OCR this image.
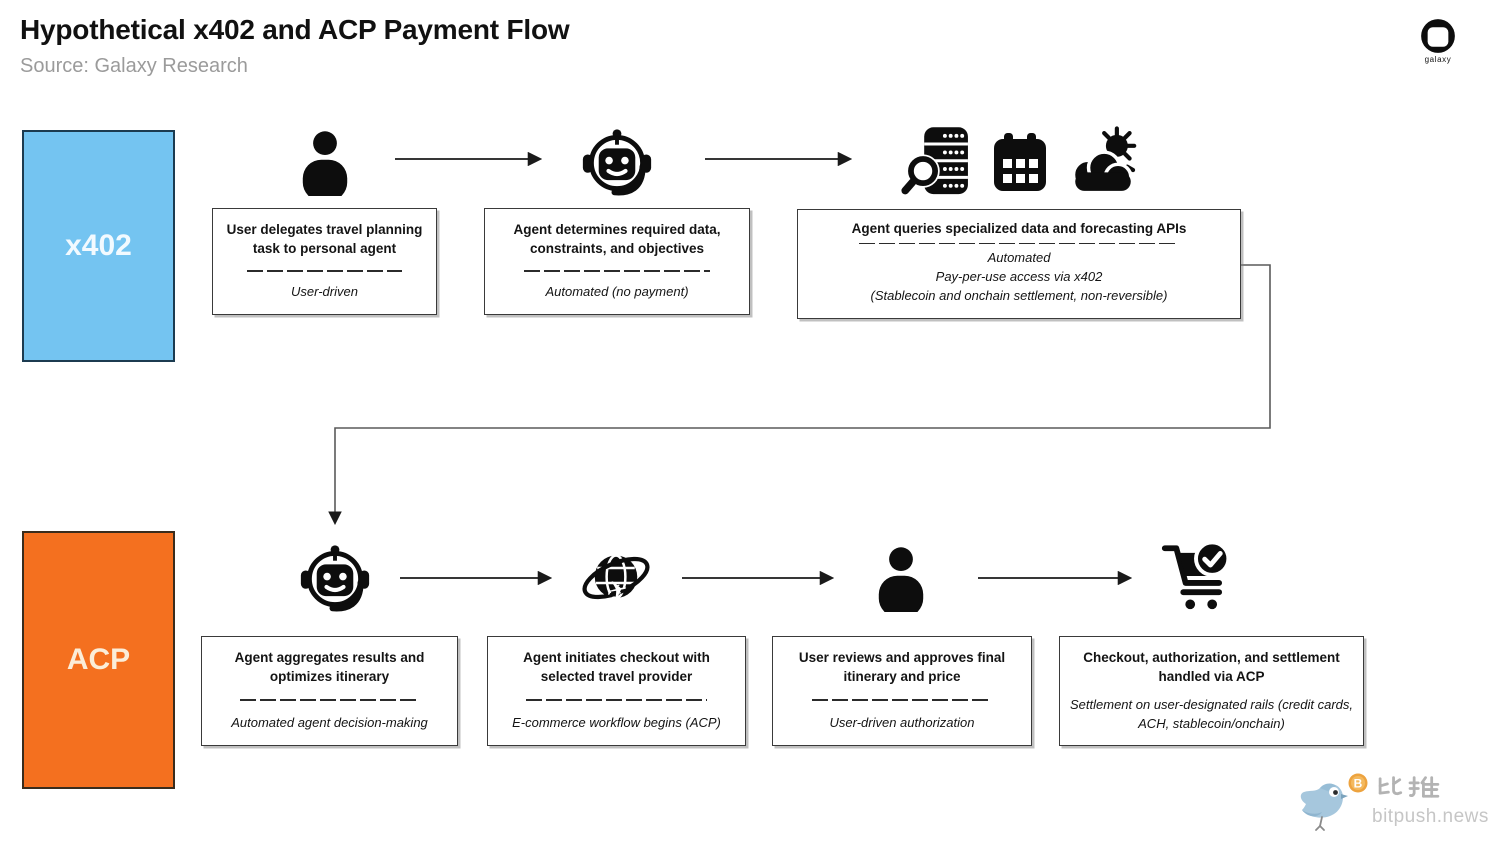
Hypothetical x402 and ACP Payment Flow
Source: Galaxy Research	galaxy
x402
ACP
User delegates travel planning task to personal agent
User-driven
Agent determines required data, constraints, and objectives
Automated (no payment)
Agent queries specialized data and forecasting APIs
Automated
Pay-per-use access via x402
(Stablecoin and onchain settlement, non-reversible)
✈
Agent aggregates results and optimizes itinerary
Automated agent decision-making
Agent initiates checkout with selected travel provider
E-commerce workflow begins (ACP)
User reviews and approves final itinerary and price
User-driven authorization
Checkout, authorization, and settlement handled via ACP
Settlement on user-designated rails (credit cards, ACH, stablecoin/onchain)
B
bitpush.news
